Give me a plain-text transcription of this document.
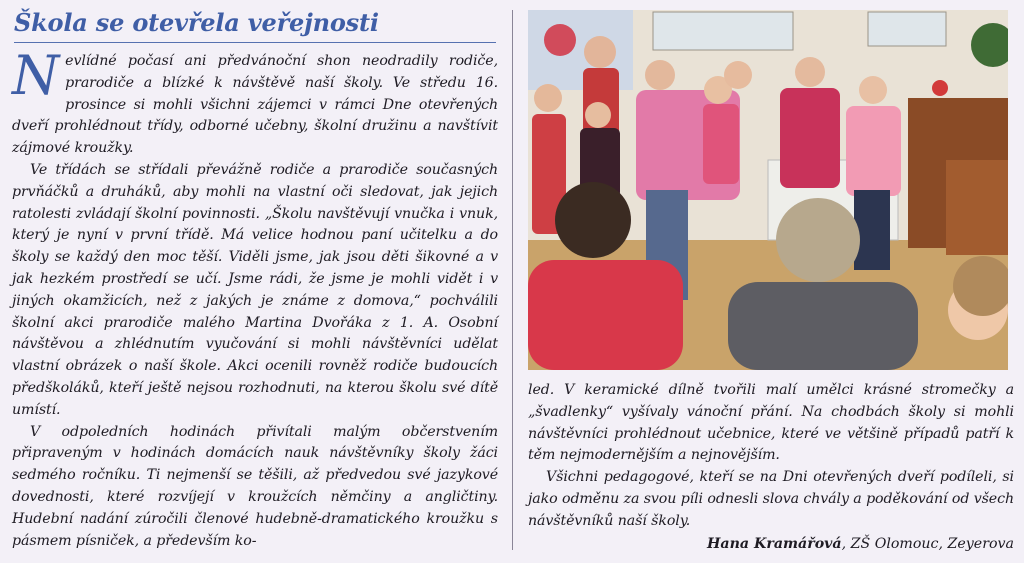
Škola se otevřela veřejnosti

Nevlídné počasí ani předvánoční shon neodradily rodiče, prarodiče a blízké k návštěvě naší školy. Ve středu 16. prosince si mohli všichni zájemci v rámci Dne otevřených dveří prohlédnout třídy, odborné učebny, školní družinu a navštívit zájmové kroužky.

Ve třídách se střídali převážně rodiče a prarodiče současných prvňáčků a druháků, aby mohli na vlastní oči sledovat, jak jejich ratolesti zvládají školní povinnosti. „Školu navštěvují vnučka i vnuk, který je nyní v první třídě. Má velice hodnou paní učitelku a do školy se každý den moc těší. Viděli jsme, jak jsou děti šikovné a v jak hezkém prostředí se učí. Jsme rádi, že jsme je mohli vidět i v jiných okamžicích, než z jakých je známe z domova,“ pochválili školní akci prarodiče malého Martina Dvořáka z 1. A. Osobní návštěvou a zhlédnutím vyučování si mohli návštěvníci udělat vlastní obrázek o naší škole. Akci ocenili rovněž rodiče budoucích předškoláků, kteří ještě nejsou rozhodnuti, na kterou školu své dítě umístí.

V odpoledních hodinách přivítali malým občerstvením připraveným v hodinách domácích nauk návštěvníky školy žáci sedmého ročníku. Ti nejmenší se těšili, až předvedou své jazykové dovednosti, které rozvíjejí v kroužcích němčiny a angličtiny. Hudební nadání zúročili členové hudebně-dramatického kroužku s pásmem písniček, a především ko-

led. V keramické dílně tvořili malí umělci krásné stromečky a „švadlenky“ vyšívaly vánoční přání. Na chodbách školy si mohli návštěvníci prohlédnout učebnice, které ve většině případů patří k těm nejmodernějším a nejnovějším.

Všichni pedagogové, kteří se na Dni otevřených dveří podíleli, si jako odměnu za svou píli odnesli slova chvály a poděkování od všech návštěvníků naší školy.

Hana Kramářová, ZŠ Olomouc, Zeyerova
